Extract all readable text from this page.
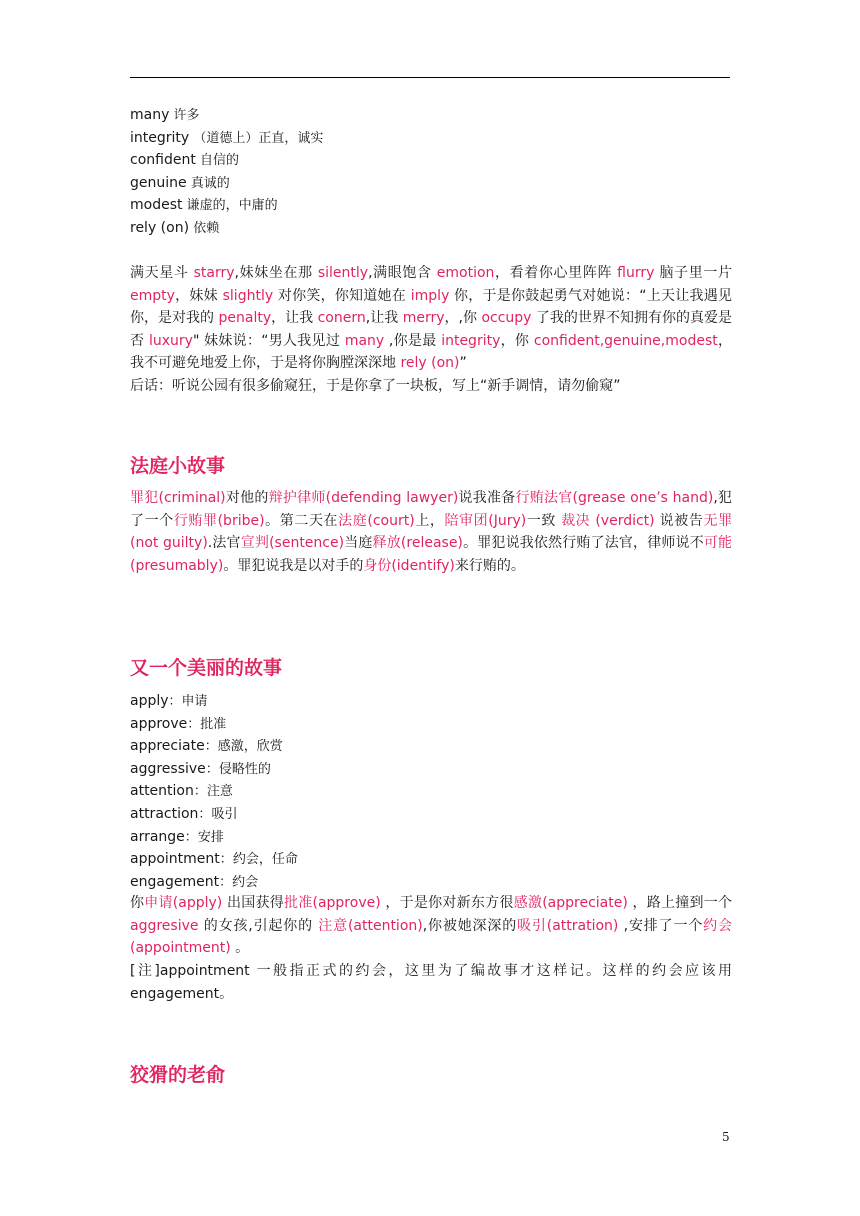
many 许多
integrity （道德上）正直，诚实
confident 自信的
genuine 真诚的
modest 谦虚的，中庸的
rely (on) 依赖
满天星斗 starry,妹妹坐在那 silently,满眼饱含 emotion，看着你心里阵阵 flurry 脑子里一片 empty，妹妹 slightly 对你笑，你知道她在 imply 你，于是你鼓起勇气对她说：“上天让我遇见你，是对我的 penalty，让我 conern,让我 merry，,你 occupy 了我的世界不知拥有你的真爱是否 luxury" 妹妹说：“男人我见过 many ,你是最 integrity，你 confident,genuine,modest，我不可避免地爱上你，于是将你胸膛深深地 rely (on)”
后话：听说公园有很多偷窥狂，于是你拿了一块板，写上“新手调情，请勿偷窥”
法庭小故事
罪犯(criminal)对他的辩护律师(defending lawyer)说我准备行贿法官(grease one’s hand),犯了一个行贿罪(bribe)。第二天在法庭(court)上，陪审团(Jury)一致 裁决 (verdict) 说被告无罪(not guilty).法官宣判(sentence)当庭释放(release)。罪犯说我依然行贿了法官，律师说不可能(presumably)。罪犯说我是以对手的身份(identify)来行贿的。
又一个美丽的故事
apply：申请
approve：批准
appreciate：感激，欣赏
aggressive：侵略性的
attention：注意
attraction：吸引
arrange：安排
appointment：约会，任命
engagement：约会
你申请(apply) 出国获得批准(approve) ，于是你对新东方很感激(appreciate) ，路上撞到一个 aggresive 的女孩,引起你的 注意(attention),你被她深深的吸引(attration) ,安排了一个约会(appointment) 。
[注]appointment 一般指正式的约会，这里为了编故事才这样记。这样的约会应该用 engagement。
狡猾的老俞
5
